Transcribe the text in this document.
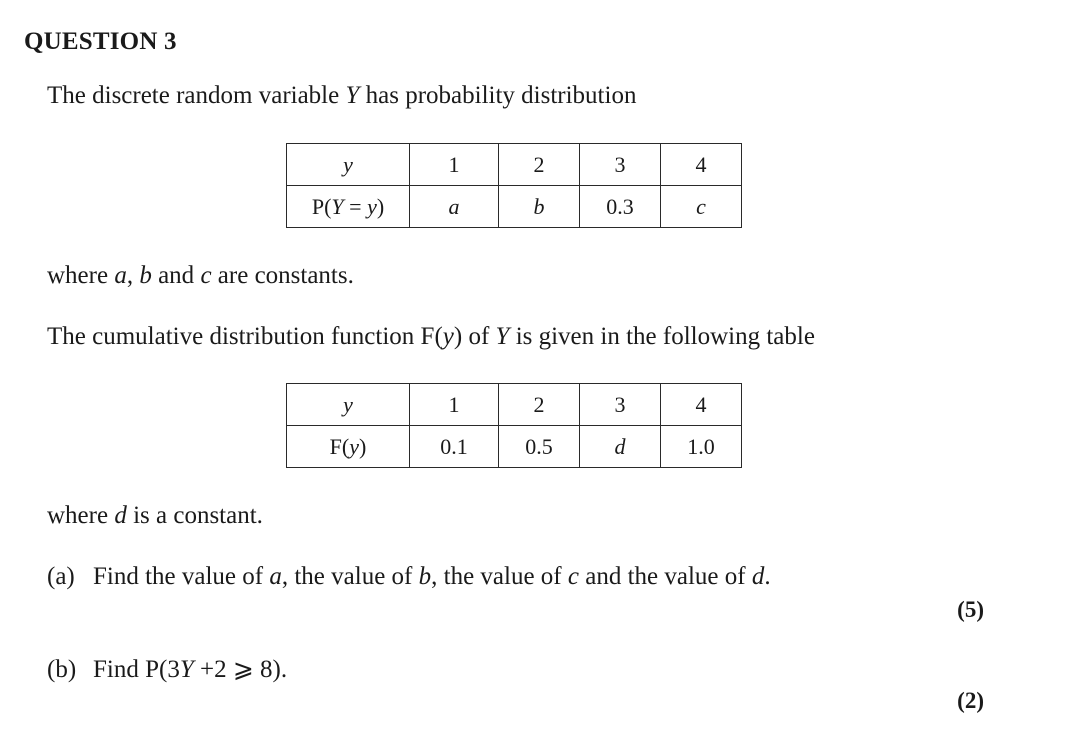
QUESTION 3
The discrete random variable Y has probability distribution
y	1	2	3	4
P(Y = y)	a	b	0.3	c
where a, b and c are constants.
The cumulative distribution function F(y) of Y is given in the following table
y	1	2	3	4
F(y)	0.1	0.5	d	1.0
where d is a constant.
(a) Find the value of a, the value of b, the value of c and the value of d.
(5)
(b) Find P(3Y +2 ⩾ 8).
(2)
